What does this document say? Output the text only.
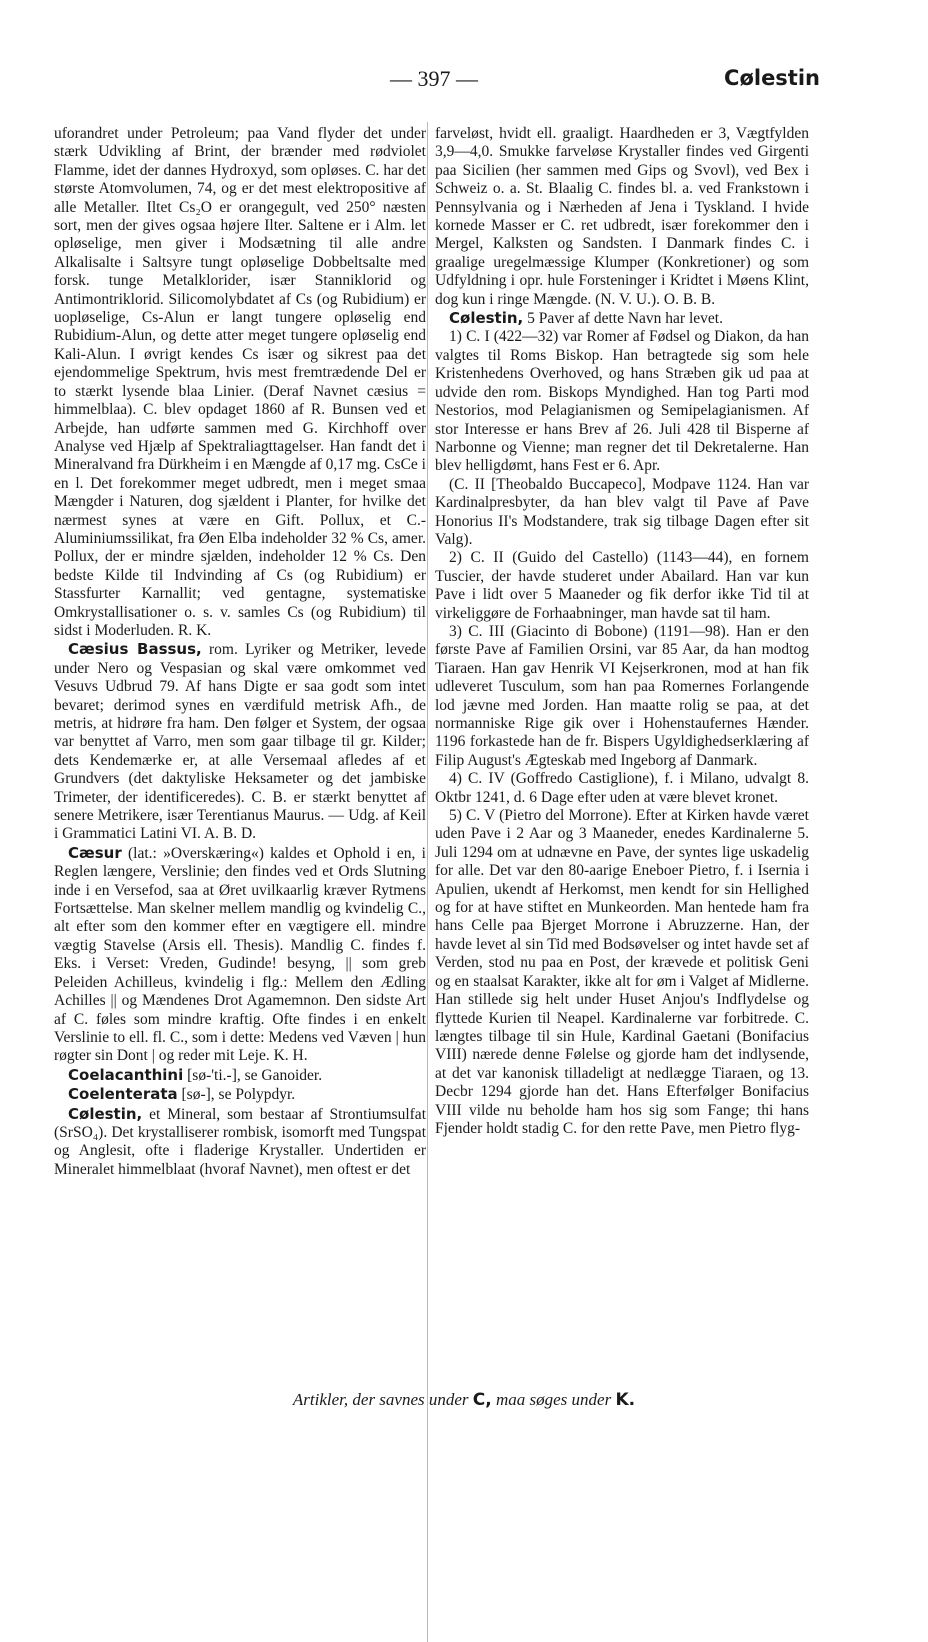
— 397 —	Cølestin

uforandret under Petroleum; paa Vand flyder det under stærk Udvikling af Brint, der brænder med rødviolet Flamme, idet der dannes Hydroxyd, som opløses. C. har det største Atomvolumen, 74, og er det mest elektropositive af alle Metaller. Iltet Cs₂O er orangegult, ved 250° næsten sort, men der gives ogsaa højere Ilter. Saltene er i Alm. let opløselige, men giver i Modsætning til alle andre Alkalisalte i Saltsyre tungt opløselige Dobbeltsalte med forsk. tunge Metalklorider, især Stanniklorid og Antimontriklorid. Silicomolybdatet af Cs (og Rubidium) er uopløselige, Cs-Alun er langt tungere opløselig end Rubidium-Alun, og dette atter meget tungere opløselig end Kali-Alun. I øvrigt kendes Cs især og sikrest paa det ejendommelige Spektrum, hvis mest fremtrædende Del er to stærkt lysende blaa Linier. (Deraf Navnet cæsius = himmelblaa). C. blev opdaget 1860 af R. Bunsen ved et Arbejde, han udførte sammen med G. Kirchhoff over Analyse ved Hjælp af Spektraliagttagelser. Han fandt det i Mineralvand fra Dürkheim i en Mængde af 0,17 mg. CsCe i en l. Det forekommer meget udbredt, men i meget smaa Mængder i Naturen, dog sjældent i Planter, for hvilke det nærmest synes at være en Gift. Pollux, et C.-Aluminiumssilikat, fra Øen Elba indeholder 32 % Cs, amer. Pollux, der er mindre sjælden, indeholder 12 % Cs. Den bedste Kilde til Indvinding af Cs (og Rubidium) er Stassfurter Karnallit; ved gentagne, systematiske Omkrystallisationer o. s. v. samles Cs (og Rubidium) til sidst i Moderluden. R. K.

Cæsius Bassus, rom. Lyriker og Metriker, levede under Nero og Vespasian og skal være omkommet ved Vesuvs Udbrud 79. Af hans Digte er saa godt som intet bevaret; derimod synes en værdifuld metrisk Afh., de metris, at hidrøre fra ham. Den følger et System, der ogsaa var benyttet af Varro, men som gaar tilbage til gr. Kilder; dets Kendemærke er, at alle Versemaal afledes af et Grundvers (det daktyliske Heksameter og det jambiske Trimeter, der identificeredes). C. B. er stærkt benyttet af senere Metrikere, især Terentianus Maurus. — Udg. af Keil i Grammatici Latini VI. A. B. D.

Cæsur (lat.: »Overskæring«) kaldes et Ophold i en, i Reglen længere, Verslinie; den findes ved et Ords Slutning inde i en Versefod, saa at Øret uvilkaarlig kræver Rytmens Fortsættelse. Man skelner mellem mandlig og kvindelig C., alt efter som den kommer efter en vægtigere ell. mindre vægtig Stavelse (Arsis ell. Thesis). Mandlig C. findes f. Eks. i Verset: Vreden, Gudinde! besyng, || som greb Peleiden Achilleus, kvindelig i flg.: Mellem den Ædling Achilles || og Mændenes Drot Agamemnon. Den sidste Art af C. føles som mindre kraftig. Ofte findes i en enkelt Verslinie to ell. fl. C., som i dette: Medens ved Væven | hun røgter sin Dont | og reder mit Leje. K. H.

Coelacanthini [sø-'ti.-], se Ganoider.

Coelenterata [sø-], se Polypdyr.

Cølestin, et Mineral, som bestaar af Strontiumsulfat (SrSO₄). Det krystalliserer rombisk, isomorft med Tungspat og Anglesit, ofte i fladerige Krystaller. Undertiden er Mineralet himmelblaat (hvoraf Navnet), men oftest er det

farveløst, hvidt ell. graaligt. Haardheden er 3, Vægtfylden 3,9—4,0. Smukke farveløse Krystaller findes ved Girgenti paa Sicilien (her sammen med Gips og Svovl), ved Bex i Schweiz o. a. St. Blaalig C. findes bl. a. ved Frankstown i Pennsylvania og i Nærheden af Jena i Tyskland. I hvide kornede Masser er C. ret udbredt, især forekommer den i Mergel, Kalksten og Sandsten. I Danmark findes C. i graalige uregelmæssige Klumper (Konkretioner) og som Udfyldning i opr. hule Forsteninger i Kridtet i Møens Klint, dog kun i ringe Mængde. (N. V. U.). O. B. B.

Cølestin, 5 Paver af dette Navn har levet.

1) C. I (422—32) var Romer af Fødsel og Diakon, da han valgtes til Roms Biskop. Han betragtede sig som hele Kristenhedens Overhoved, og hans Stræben gik ud paa at udvide den rom. Biskops Myndighed. Han tog Parti mod Nestorios, mod Pelagianismen og Semipelagianismen. Af stor Interesse er hans Brev af 26. Juli 428 til Bisperne af Narbonne og Vienne; man regner det til Dekretalerne. Han blev helligdømt, hans Fest er 6. Apr.

(C. II [Theobaldo Buccapeco], Modpave 1124. Han var Kardinalpresbyter, da han blev valgt til Pave af Pave Honorius II's Modstandere, trak sig tilbage Dagen efter sit Valg).

2) C. II (Guido del Castello) (1143—44), en fornem Tuscier, der havde studeret under Abailard. Han var kun Pave i lidt over 5 Maaneder og fik derfor ikke Tid til at virkeliggøre de Forhaabninger, man havde sat til ham.

3) C. III (Giacinto di Bobone) (1191—98). Han er den første Pave af Familien Orsini, var 85 Aar, da han modtog Tiaraen. Han gav Henrik VI Kejserkronen, mod at han fik udleveret Tusculum, som han paa Romernes Forlangende lod jævne med Jorden. Han maatte rolig se paa, at det normanniske Rige gik over i Hohenstaufernes Hænder. 1196 forkastede han de fr. Bispers Ugyldighedserklæring af Filip August's Ægteskab med Ingeborg af Danmark.

4) C. IV (Goffredo Castiglione), f. i Milano, udvalgt 8. Oktbr 1241, d. 6 Dage efter uden at være blevet kronet.

5) C. V (Pietro del Morrone). Efter at Kirken havde været uden Pave i 2 Aar og 3 Maaneder, enedes Kardinalerne 5. Juli 1294 om at udnævne en Pave, der syntes lige uskadelig for alle. Det var den 80-aarige Eneboer Pietro, f. i Isernia i Apulien, ukendt af Herkomst, men kendt for sin Hellighed og for at have stiftet en Munkeorden. Man hentede ham fra hans Celle paa Bjerget Morrone i Abruzzerne. Han, der havde levet al sin Tid med Bodsøvelser og intet havde set af Verden, stod nu paa en Post, der krævede et politisk Geni og en staalsat Karakter, ikke alt for øm i Valget af Midlerne. Han stillede sig helt under Huset Anjou's Indflydelse og flyttede Kurien til Neapel. Kardinalerne var forbitrede. C. længtes tilbage til sin Hule, Kardinal Gaetani (Bonifacius VIII) nærede denne Følelse og gjorde ham det indlysende, at det var kanonisk tilladeligt at nedlægge Tiaraen, og 13. Decbr 1294 gjorde han det. Hans Efterfølger Bonifacius VIII vilde nu beholde ham hos sig som Fange; thi hans Fjender holdt stadig C. for den rette Pave, men Pietro flyg-

Artikler, der savnes under C, maa søges under K.
